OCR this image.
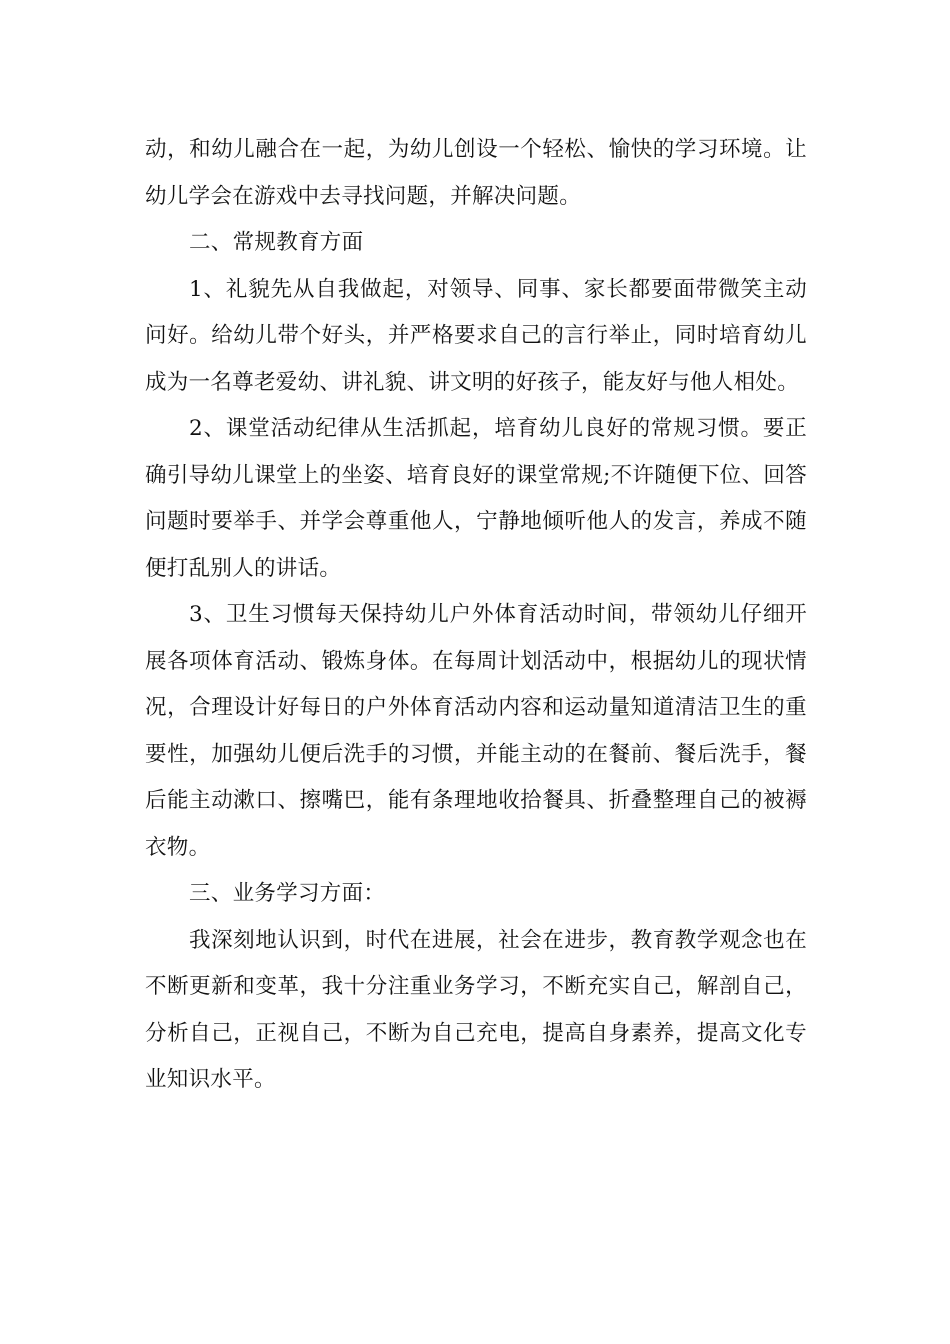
动，和幼儿融合在一起，为幼儿创设一个轻松、愉快的学习环境。让幼儿学会在游戏中去寻找问题，并解决问题。

二、常规教育方面

1、礼貌先从自我做起，对领导、同事、家长都要面带微笑主动问好。给幼儿带个好头，并严格要求自己的言行举止，同时培育幼儿成为一名尊老爱幼、讲礼貌、讲文明的好孩子，能友好与他人相处。

2、课堂活动纪律从生活抓起，培育幼儿良好的常规习惯。要正确引导幼儿课堂上的坐姿、培育良好的课堂常规;不许随便下位、回答问题时要举手、并学会尊重他人，宁静地倾听他人的发言，养成不随便打乱别人的讲话。

3、卫生习惯每天保持幼儿户外体育活动时间，带领幼儿仔细开展各项体育活动、锻炼身体。在每周计划活动中，根据幼儿的现状情况，合理设计好每日的户外体育活动内容和运动量知道清洁卫生的重要性，加强幼儿便后洗手的习惯，并能主动的在餐前、餐后洗手，餐后能主动漱口、擦嘴巴，能有条理地收拾餐具、折叠整理自己的被褥衣物。

三、业务学习方面：

我深刻地认识到，时代在进展，社会在进步，教育教学观念也在不断更新和变革，我十分注重业务学习，不断充实自己，解剖自己，分析自己，正视自己，不断为自己充电，提高自身素养，提高文化专业知识水平。
